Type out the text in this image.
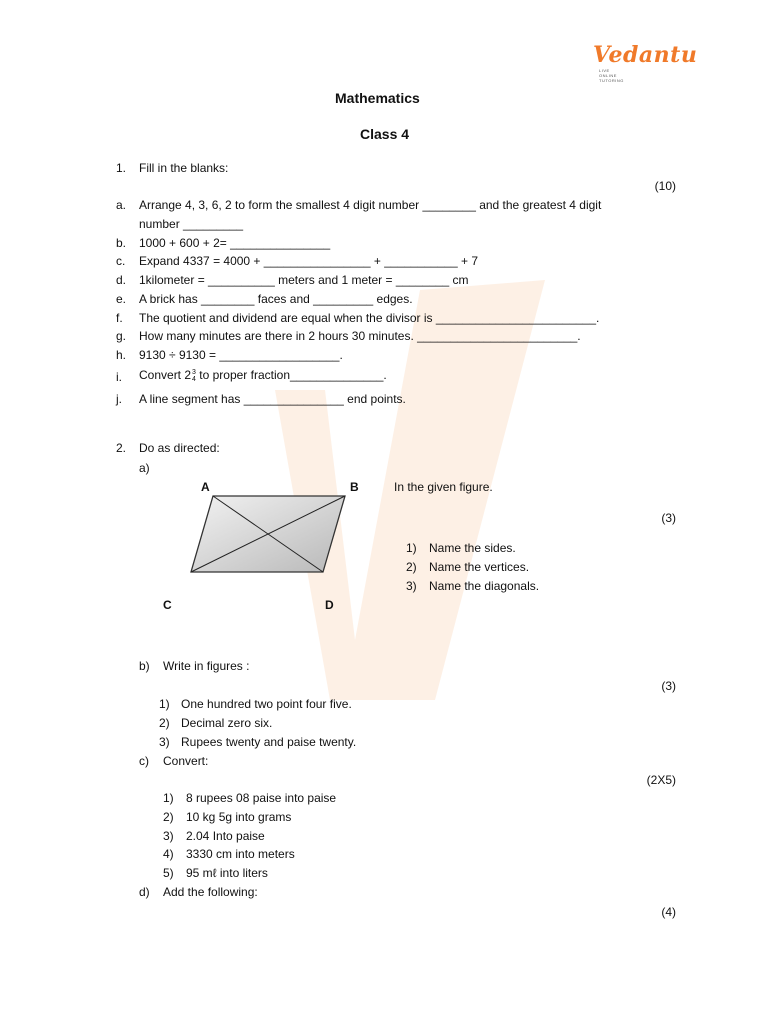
Vedantu
LIVE ONLINE TUTORING
Mathematics
Class 4
1. Fill in the blanks:
(10)
a. Arrange 4, 3, 6, 2 to form the smallest 4 digit number ________ and the greatest 4 digit
number _________
b. 1000 + 600 + 2= _______________
c. Expand 4337 = 4000 + ________________ + ___________ + 7
d. 1kilometer = __________ meters and 1 meter = ________ cm
e. A brick has ________ faces and _________ edges.
f. The quotient and dividend are equal when the divisor is ________________________.
g. How many minutes are there in 2 hours 30 minutes. ________________________.
h. 9130 ÷ 9130 = __________________.
i. Convert 2 3
4 to proper fraction______________.
j. A line segment has _______________ end points.
2. Do as directed:
a)
A	B
C	D
In the given figure.
(3)
1) Name the sides.
2) Name the vertices.
3) Name the diagonals.
b) Write in figures :
(3)
1) One hundred two point four five.
2) Decimal zero six.
3) Rupees twenty and paise twenty.
c) Convert:
(2X5)
1) 8 rupees 08 paise into paise
2) 10 kg 5g into grams
3) 2.04 Into paise
4) 3330 cm into meters
5) 95 mℓ into liters
d) Add the following:
(4)
